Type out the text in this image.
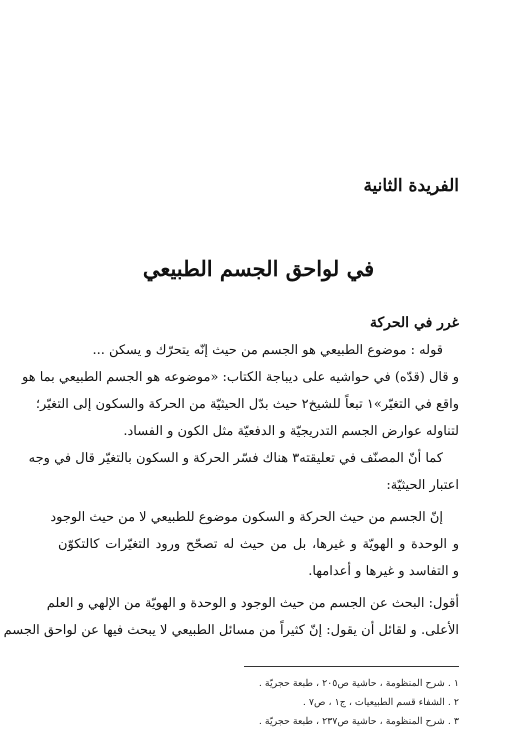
الفريدة الثانية
في لواحق الجسم الطبيعي
غرر في الحركة
قوله : موضوع الطبيعي هو الجسم من حيث إنّه يتحرّك و يسكن ...
و قال (قدّه) في حواشيه على ديباجة الكتاب: «موضوعه هو الجسم الطبيعي بما هو
واقع في التغيّر»١ تبعاً للشيخ٢ حيث بدّل الحيثيّة من الحركة والسكون إلى التغيّر؛
لتناوله عوارض الجسم التدريجيّة و الدفعيّة مثل الكون و الفساد.
كما أنّ المصنّف في تعليقته٣ هناك فسّر الحركة و السكون بالتغيّر قال في وجه
اعتبار الحيثيّة:
إنّ الجسم من حيث الحركة و السكون موضوع للطبيعي لا من حيث الوجود
و الوحدة و الهويّة و غيرها، بل من حيث له تصحّح ورود التغيّرات كالتكوّن
و التفاسد و غيرها و أعدامها.
أقول: البحث عن الجسم من حيث الوجود و الوحدة و الهويّة من الإلهي و العلم
الأعلى. و لقائل أن يقول: إنّ كثيراً من مسائل الطبيعي لا يبحث فيها عن لواحق الجسم
١ . شرح المنظومة ، حاشية ص٢٠٥ ، طبعة حجريّة .
٢ . الشفاء قسم الطبيعيات ، ج١ ، ص٧ .
٣ . شرح المنظومة ، حاشية ص٢٣٧ ، طبعة حجريّة .
